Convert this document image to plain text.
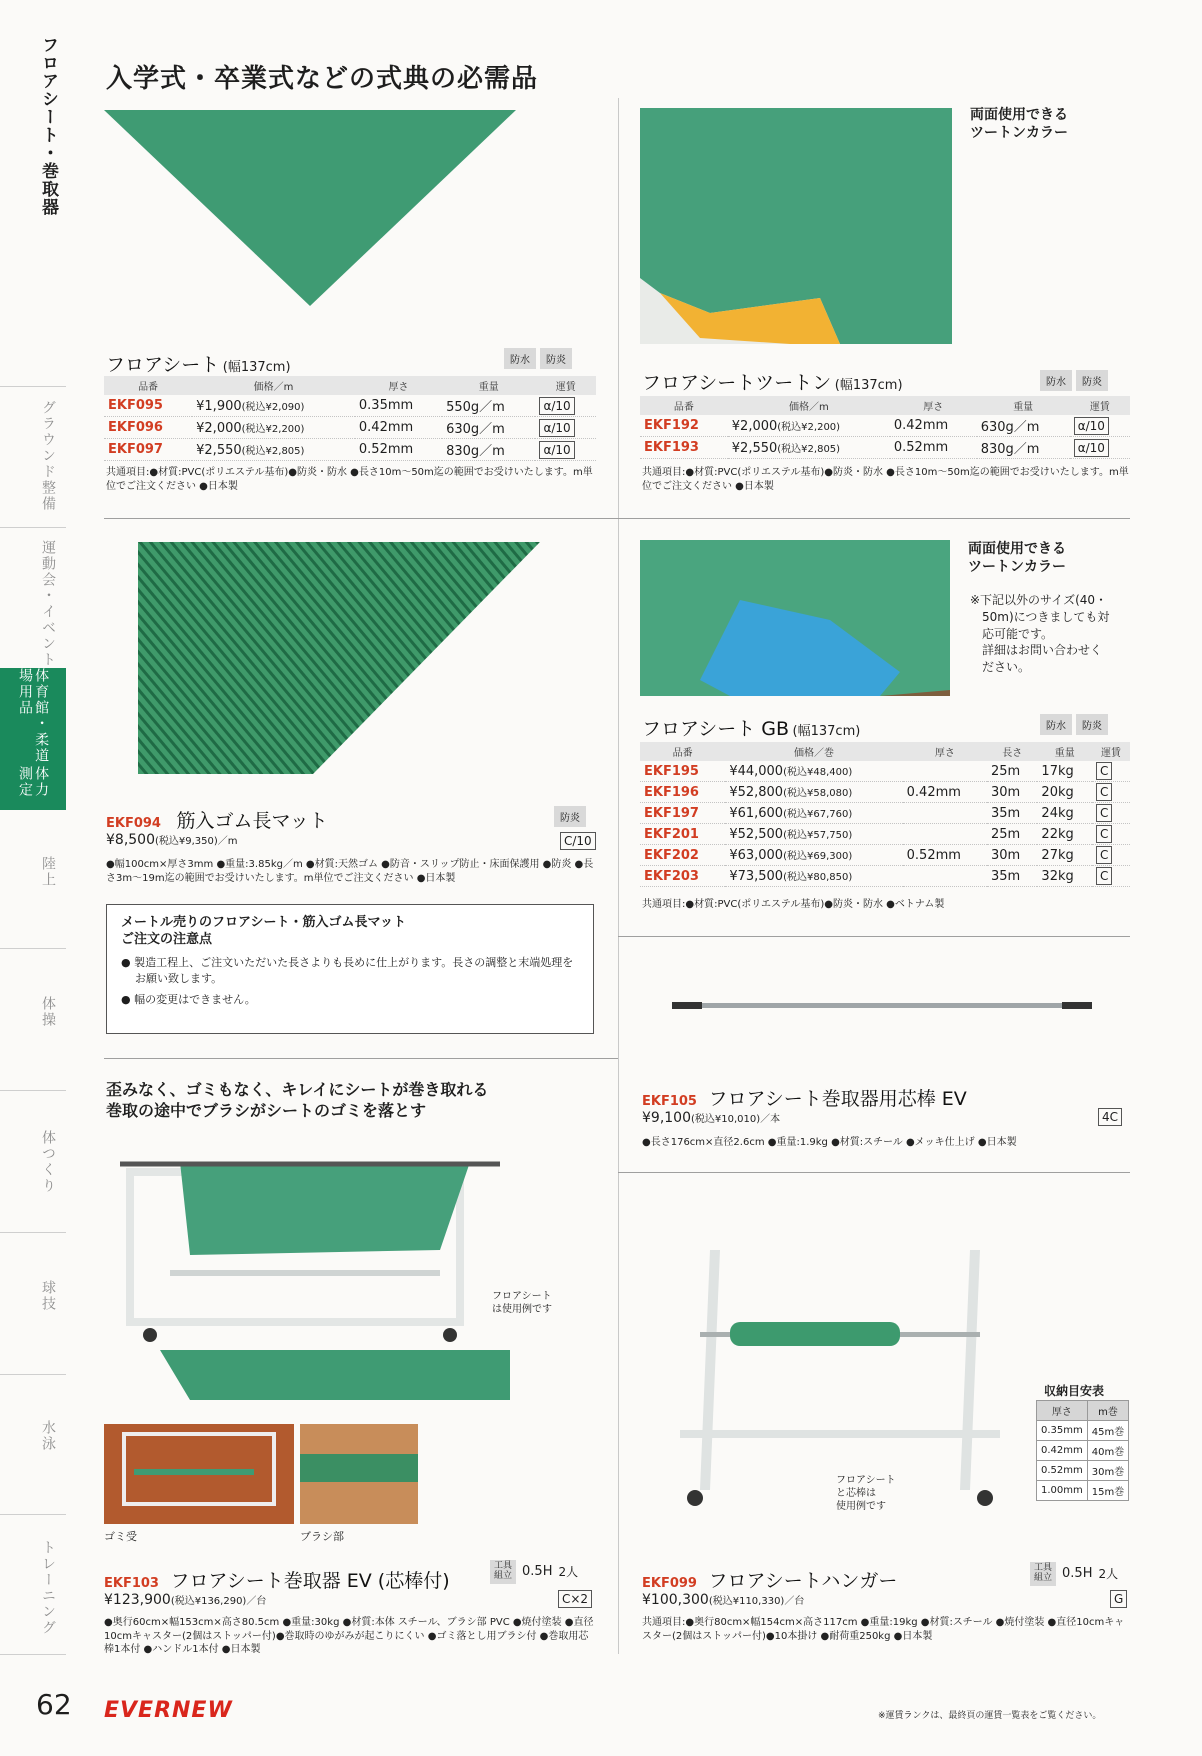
フロアシート・巻取器
グラウンド整備
運動会・イベント
体育館・柔道場用品
体力測定
陸上
体操
体つくり
球技
水泳
トレーニング
62 EVERNEW	※運賃ランクは、最終頁の運賃一覧表をご覧ください。
入学式・卒業式などの式典の必需品
フロアシート (幅137cm)	防水 防炎
品番	価格／m	厚さ	重量	運賃
EKF095	¥1,900(税込¥2,090)	0.35mm	550g／m	α/10
EKF096	¥2,000(税込¥2,200)	0.42mm	630g／m	α/10
EKF097	¥2,550(税込¥2,805)	0.52mm	830g／m	α/10
共通項目:●材質:PVC(ポリエステル基布)●防炎・防水 ●長さ10m～50m迄の範囲でお受けいたします。m単位でご注文ください ●日本製
両面使用できる
ツートンカラー
フロアシートツートン (幅137cm)	防水 防炎
品番	価格／m	厚さ	重量	運賃
EKF192	¥2,000(税込¥2,200)	0.42mm	630g／m	α/10
EKF193	¥2,550(税込¥2,805)	0.52mm	830g／m	α/10
共通項目:●材質:PVC(ポリエステル基布)●防炎・防水 ●長さ10m～50m迄の範囲でお受けいたします。m単位でご注文ください ●日本製
EKF094 筋入ゴム長マット	防炎
¥8,500(税込¥9,350)／m	C/10
●幅100cm×厚さ3mm ●重量:3.85kg／m ●材質:天然ゴム ●防音・スリップ防止・床面保護用 ●防炎 ●長さ3m～19m迄の範囲でお受けいたします。m単位でご注文ください ●日本製
メートル売りのフロアシート・筋入ゴム長マット
ご注文の注意点
● 製造工程上、ご注文いただいた長さよりも長めに仕上がります。長さの調整と末端処理をお願い致します。
● 幅の変更はできません。
両面使用できる
ツートンカラー
※下記以外のサイズ(40・
50m)につきましても対
応可能です。
詳細はお問い合わせく
ださい。
フロアシート GB (幅137cm)	防水 防炎
品番	価格／巻	厚さ	長さ	重量	運賃
EKF195	¥44,000(税込¥48,400)		25m	17kg	C
EKF196	¥52,800(税込¥58,080)	0.42mm	30m	20kg	C
EKF197	¥61,600(税込¥67,760)		35m	24kg	C
EKF201	¥52,500(税込¥57,750)		25m	22kg	C
EKF202	¥63,000(税込¥69,300)	0.52mm	30m	27kg	C
EKF203	¥73,500(税込¥80,850)		35m	32kg	C
共通項目:●材質:PVC(ポリエステル基布)●防炎・防水 ●ベトナム製
EKF105 フロアシート巻取器用芯棒 EV
¥9,100(税込¥10,010)／本	4C
●長さ176cm×直径2.6cm ●重量:1.9kg ●材質:スチール ●メッキ仕上げ ●日本製
歪みなく、ゴミもなく、キレイにシートが巻き取れる
巻取の途中でブラシがシートのゴミを落とす
フロアシート
は使用例です
ゴミ受	ブラシ部
EKF103 フロアシート巻取器 EV (芯棒付)
工具
組立 0.5H 2人
¥123,900(税込¥136,290)／台	C×2
●奥行60cm×幅153cm×高さ80.5cm ●重量:30kg ●材質:本体 スチール、ブラシ部 PVC ●焼付塗装 ●直径10cmキャスター(2個はストッパー付)●巻取時のゆがみが起こりにくい ●ゴミ落とし用ブラシ付 ●巻取用芯棒1本付 ●ハンドル1本付 ●日本製
フロアシート
と芯棒は
使用例です
収納目安表
厚さ	m巻
0.35mm	45m巻
0.42mm	40m巻
0.52mm	30m巻
1.00mm	15m巻
EKF099 フロアシートハンガー
工具
組立 0.5H 2人
¥100,300(税込¥110,330)／台	G
共通項目:●奥行80cm×幅154cm×高さ117cm ●重量:19kg ●材質:スチール ●焼付塗装 ●直径10cmキャスター(2個はストッパー付)●10本掛け ●耐荷重250kg ●日本製
